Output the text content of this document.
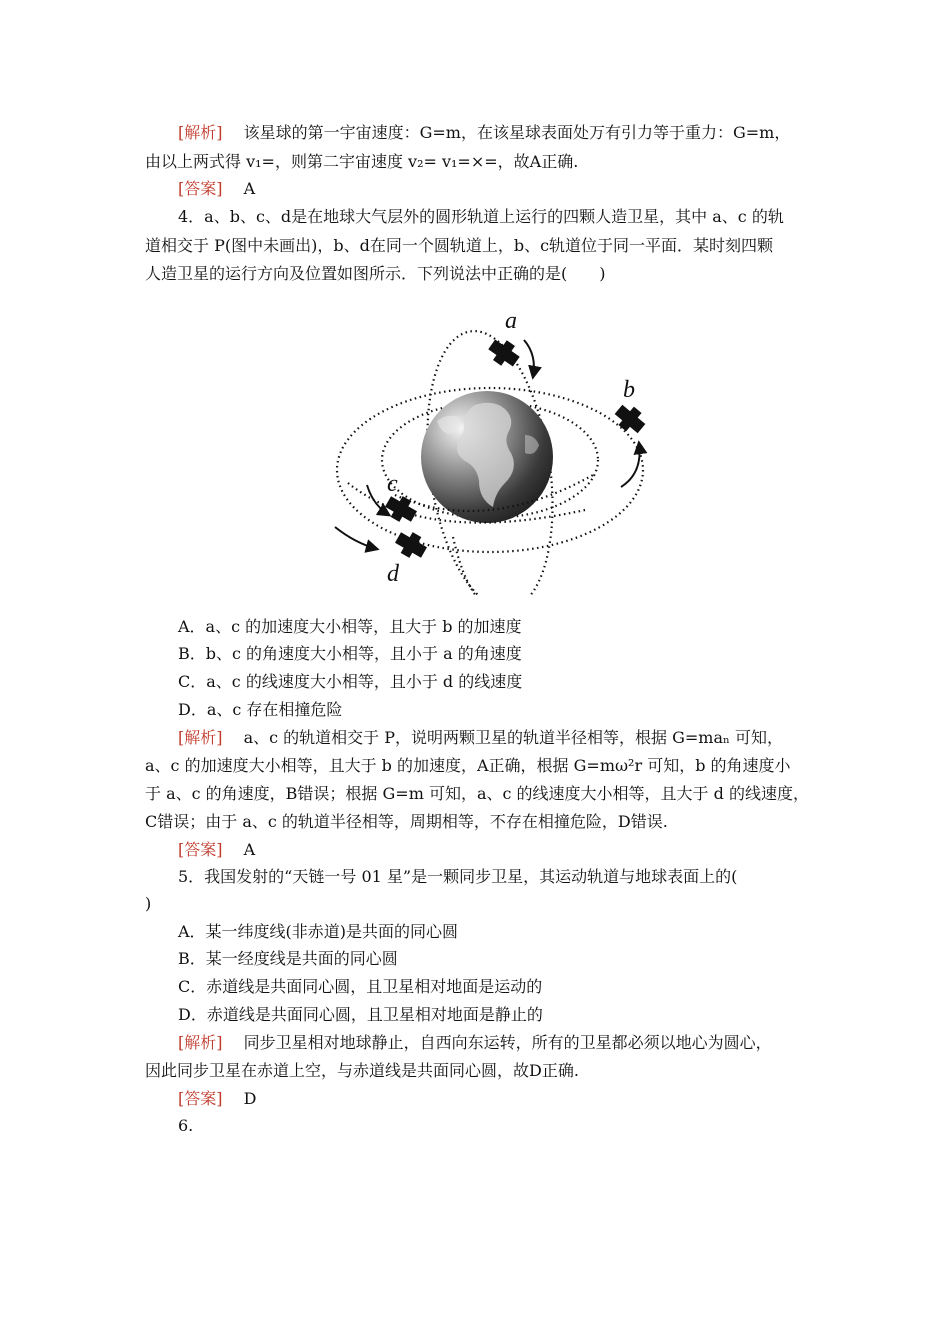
[解析]　 该星球的第一宇宙速度：G=m，在该星球表面处万有引力等于重力：G=m，
由以上两式得 v₁=，则第二宇宙速度 v₂= v₁=×=，故A正确.
[答案]　 A
4．a、b、c、d是在地球大气层外的圆形轨道上运行的四颗人造卫星，其中 a、c 的轨
道相交于 P(图中未画出)，b、d在同一个圆轨道上，b、c轨道位于同一平面．某时刻四颗
人造卫星的运行方向及位置如图所示．下列说法中正确的是(　　)
a
b
c
d
A．a、c 的加速度大小相等，且大于 b 的加速度
B．b、c 的角速度大小相等，且小于 a 的角速度
C．a、c 的线速度大小相等，且小于 d 的线速度
D．a、c 存在相撞危险
[解析]　 a、c 的轨道相交于 P，说明两颗卫星的轨道半径相等，根据 G=maₙ 可知，
a、c 的加速度大小相等，且大于 b 的加速度，A正确，根据 G=mω²r 可知，b 的角速度小
于 a、c 的角速度，B错误；根据 G=m 可知，a、c 的线速度大小相等，且大于 d 的线速度，
C错误；由于 a、c 的轨道半径相等，周期相等，不存在相撞危险，D错误.
[答案]　 A
5．我国发射的“天链一号 01 星”是一颗同步卫星，其运动轨道与地球表面上的(
)
A．某一纬度线(非赤道)是共面的同心圆
B．某一经度线是共面的同心圆
C．赤道线是共面同心圆，且卫星相对地面是运动的
D．赤道线是共面同心圆，且卫星相对地面是静止的
[解析]　 同步卫星相对地球静止，自西向东运转，所有的卫星都必须以地心为圆心，
因此同步卫星在赤道上空，与赤道线是共面同心圆，故D正确.
[答案]　 D
6.
